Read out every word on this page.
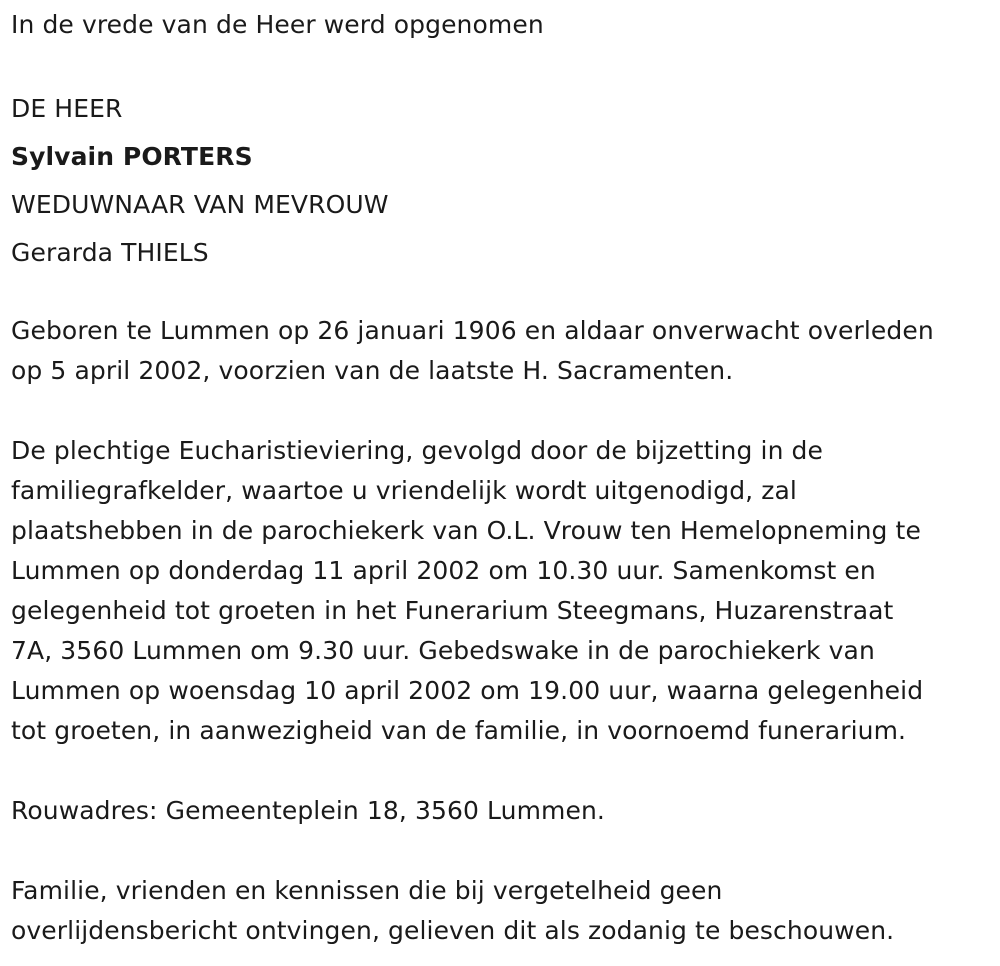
In de vrede van de Heer werd opgenomen
DE HEER
Sylvain PORTERS
WEDUWNAAR VAN MEVROUW
Gerarda THIELS
Geboren te Lummen op 26 januari 1906 en aldaar onverwacht overleden
op 5 april 2002, voorzien van de laatste H. Sacramenten.
De plechtige Eucharistieviering, gevolgd door de bijzetting in de
familiegrafkelder, waartoe u vriendelijk wordt uitgenodigd, zal
plaatshebben in de parochiekerk van O.L. Vrouw ten Hemelopneming te
Lummen op donderdag 11 april 2002 om 10.30 uur. Samenkomst en
gelegenheid tot groeten in het Funerarium Steegmans, Huzarenstraat
7A, 3560 Lummen om 9.30 uur. Gebedswake in de parochiekerk van
Lummen op woensdag 10 april 2002 om 19.00 uur, waarna gelegenheid
tot groeten, in aanwezigheid van de familie, in voornoemd funerarium.
Rouwadres: Gemeenteplein 18, 3560 Lummen.
Familie, vrienden en kennissen die bij vergetelheid geen
overlijdensbericht ontvingen, gelieven dit als zodanig te beschouwen.
